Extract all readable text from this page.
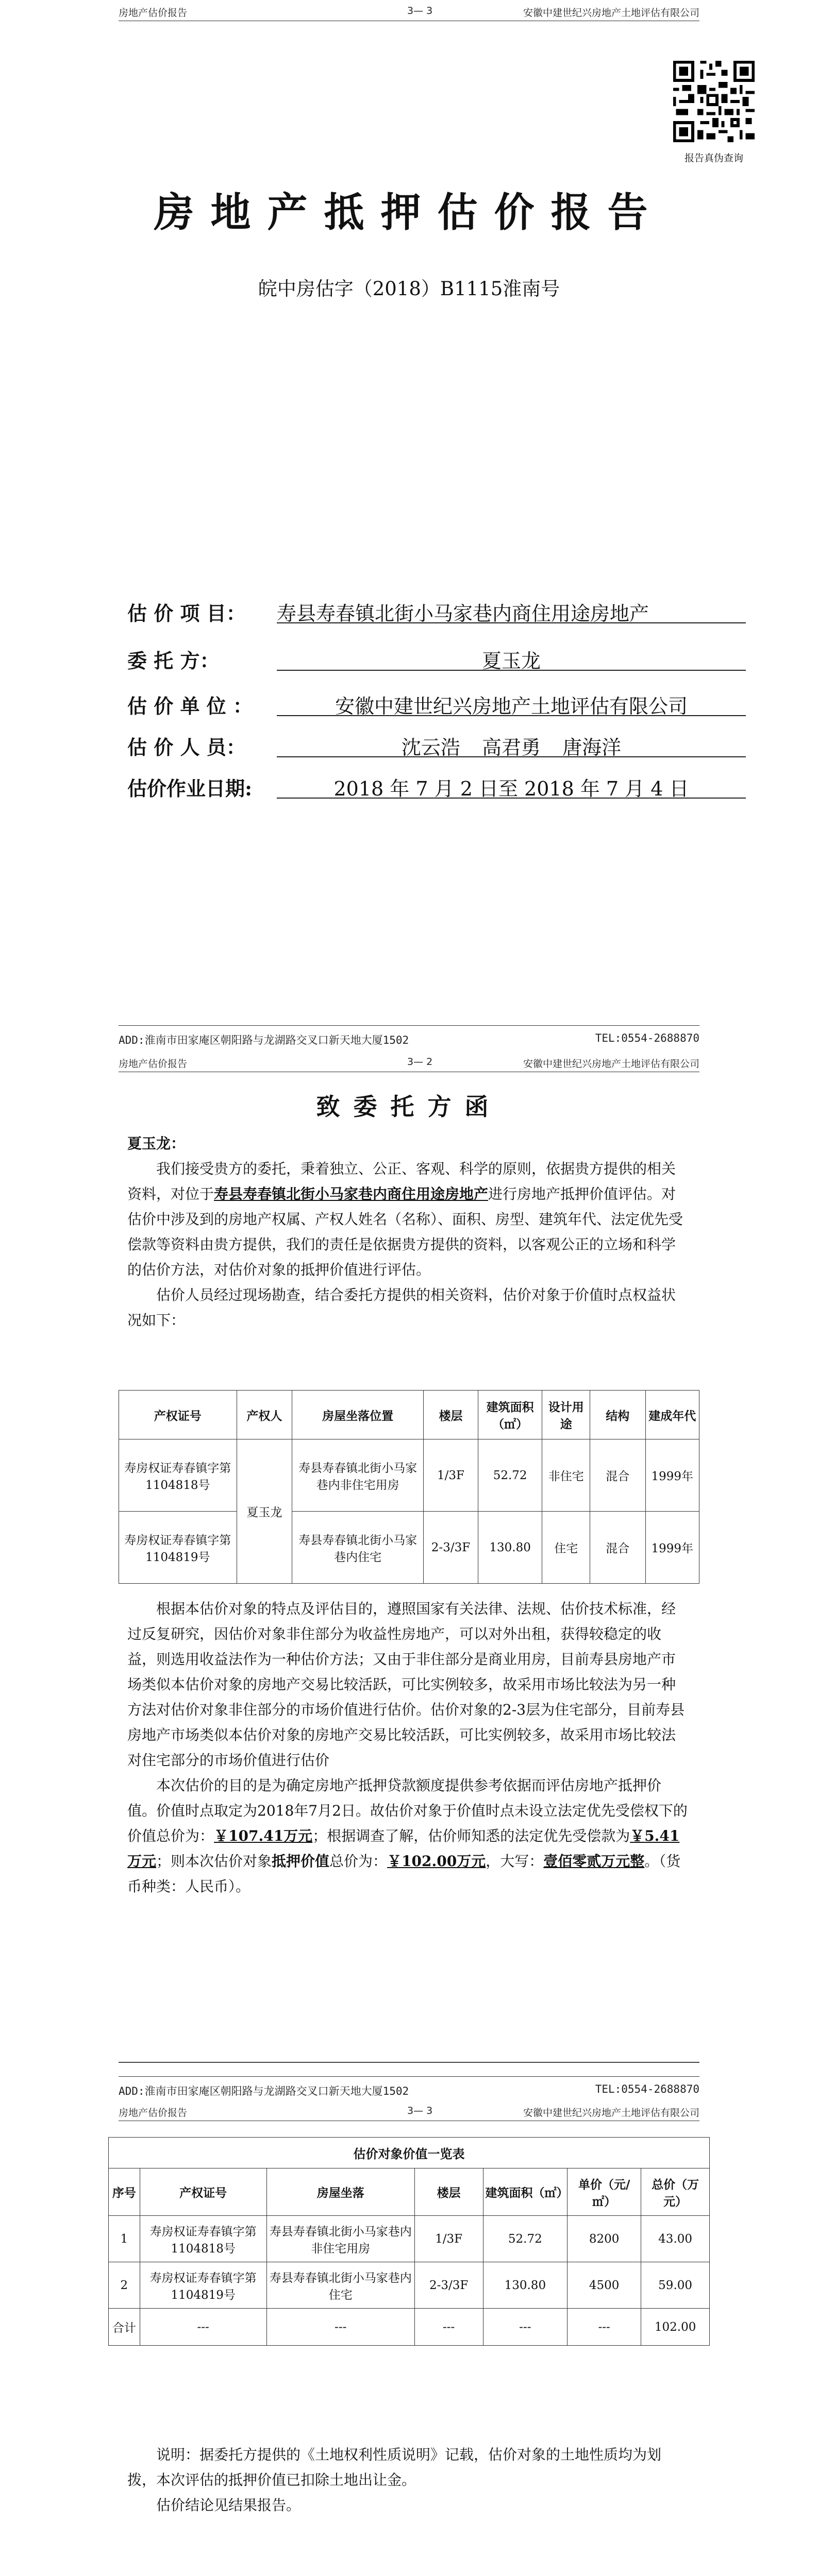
房地产估价报告	3— 3	安徽中建世纪兴房地产土地评估有限公司
报告真伪查询
房地产抵押估价报告
皖中房估字（2018）B1115淮南号
估 价 项 目： 寿县寿春镇北街小马家巷内商住用途房地产
委 托 方：	夏玉龙
估 价 单 位 ：	安徽中建世纪兴房地产土地评估有限公司
估 价 人 员：	沈云浩 高君勇 唐海洋
估价作业日期:	2018 年 7 月 2 日至 2018 年 7 月 4 日
ADD:淮南市田家庵区朝阳路与龙湖路交叉口新天地大厦1502	TEL:0554-2688870
房地产估价报告	3— 2	安徽中建世纪兴房地产土地评估有限公司
致委托方函
夏玉龙：

我们接受贵方的委托，秉着独立、公正、客观、科学的原则，依据贵方提供的相关资料，对位于寿县寿春镇北街小马家巷内商住用途房地产进行房地产抵押价值评估。对估价中涉及到的房地产权属、产权人姓名（名称）、面积、房型、建筑年代、法定优先受偿款等资料由贵方提供，我们的责任是依据贵方提供的资料，以客观公正的立场和科学的估价方法，对估价对象的抵押价值进行评估。

估价人员经过现场勘查，结合委托方提供的相关资料，估价对象于价值时点权益状况如下：

产权证号	产权人	房屋坐落位置	楼层	建筑面积（㎡）	设计用途	结构	建成年代
寿房权证寿春镇字第1104818号	夏玉龙	寿县寿春镇北街小马家巷内非住宅用房	1/3F	52.72	非住宅	混合	1999年
寿房权证寿春镇字第1104819号		寿县寿春镇北街小马家巷内住宅	2-3/3F	130.80	住宅	混合	1999年

根据本估价对象的特点及评估目的，遵照国家有关法律、法规、估价技术标准，经过反复研究，因估价对象非住部分为收益性房地产，可以对外出租，获得较稳定的收益，则选用收益法作为一种估价方法；又由于非住部分是商业用房，目前寿县房地产市场类似本估价对象的房地产交易比较活跃，可比实例较多，故采用市场比较法为另一种方法对估价对象非住部分的市场价值进行估价。估价对象的2-3层为住宅部分，目前寿县房地产市场类似本估价对象的房地产交易比较活跃，可比实例较多，故采用市场比较法对住宅部分的市场价值进行估价

本次估价的目的是为确定房地产抵押贷款额度提供参考依据而评估房地产抵押价值。价值时点取定为2018年7月2日。故估价对象于价值时点未设立法定优先受偿权下的价值总价为：￥107.41万元；根据调查了解，估价师知悉的法定优先受偿款为￥5.41万元；则本次估价对象抵押价值总价为：￥102.00万元，大写：壹佰零贰万元整。（货币种类：人民币）。

ADD:淮南市田家庵区朝阳路与龙湖路交叉口新天地大厦1502	TEL:0554-2688870
房地产估价报告	3— 3	安徽中建世纪兴房地产土地评估有限公司
估价对象价值一览表						
序号	产权证号	房屋坐落	楼层	建筑面积（㎡）	单价（元/㎡）	总价（万元）
1	寿房权证寿春镇字第1104818号	寿县寿春镇北街小马家巷内非住宅用房	1/3F	52.72	8200	43.00
2	寿房权证寿春镇字第1104819号	寿县寿春镇北街小马家巷内住宅	2-3/3F	130.80	4500	59.00
合计	---	---	---	---	---	102.00

说明：据委托方提供的《土地权利性质说明》记载，估价对象的土地性质均为划拨，本次评估的抵押价值已扣除土地出让金。

估价结论见结果报告。
